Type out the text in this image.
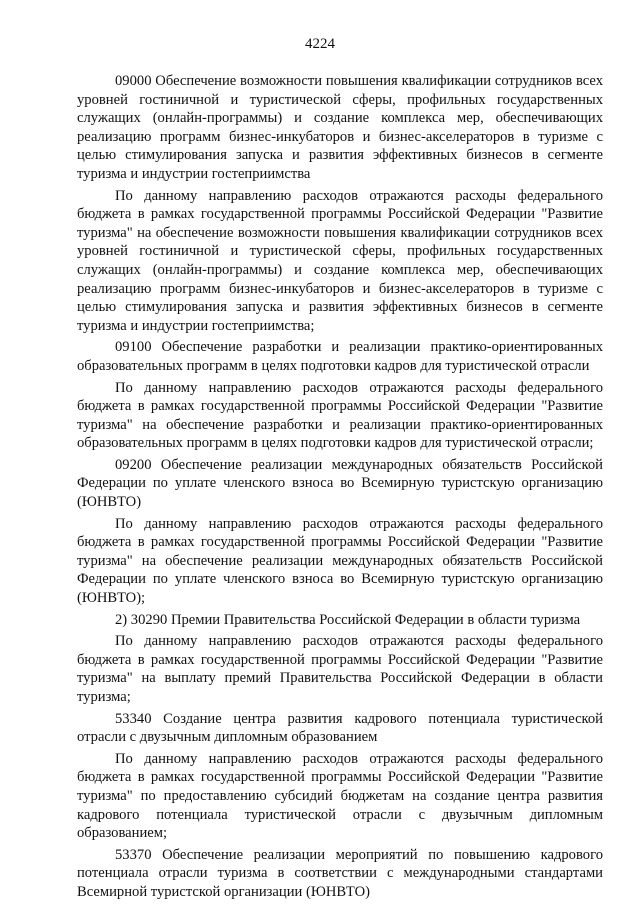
4224

09000 Обеспечение возможности повышения квалификации сотрудников всех уровней гостиничной и туристической сферы, профильных государственных служащих (онлайн-программы) и создание комплекса мер, обеспечивающих реализацию программ бизнес-инкубаторов и бизнес-акселераторов в туризме с целью стимулирования запуска и развития эффективных бизнесов в сегменте туризма и индустрии гостеприимства

По данному направлению расходов отражаются расходы федерального бюджета в рамках государственной программы Российской Федерации "Развитие туризма" на обеспечение возможности повышения квалификации сотрудников всех уровней гостиничной и туристической сферы, профильных государственных служащих (онлайн-программы) и создание комплекса мер, обеспечивающих реализацию программ бизнес-инкубаторов и бизнес-акселераторов в туризме с целью стимулирования запуска и развития эффективных бизнесов в сегменте туризма и индустрии гостеприимства;

09100 Обеспечение разработки и реализации практико-ориентированных образовательных программ в целях подготовки кадров для туристической отрасли

По данному направлению расходов отражаются расходы федерального бюджета в рамках государственной программы Российской Федерации "Развитие туризма" на обеспечение разработки и реализации практико-ориентированных образовательных программ в целях подготовки кадров для туристической отрасли;

09200 Обеспечение реализации международных обязательств Российской Федерации по уплате членского взноса во Всемирную туристскую организацию (ЮНВТО)

По данному направлению расходов отражаются расходы федерального бюджета в рамках государственной программы Российской Федерации "Развитие туризма" на обеспечение реализации международных обязательств Российской Федерации по уплате членского взноса во Всемирную туристскую организацию (ЮНВТО);

2) 30290 Премии Правительства Российской Федерации в области туризма

По данному направлению расходов отражаются расходы федерального бюджета в рамках государственной программы Российской Федерации "Развитие туризма" на выплату премий Правительства Российской Федерации в области туризма;

53340 Создание центра развития кадрового потенциала туристической отрасли с двузычным дипломным образованием

По данному направлению расходов отражаются расходы федерального бюджета в рамках государственной программы Российской Федерации "Развитие туризма" по предоставлению субсидий бюджетам на создание центра развития кадрового потенциала туристической отрасли с двузычным дипломным образованием;

53370 Обеспечение реализации мероприятий по повышению кадрового потенциала отрасли туризма в соответствии с международными стандартами Всемирной туристской организации (ЮНВТО)
